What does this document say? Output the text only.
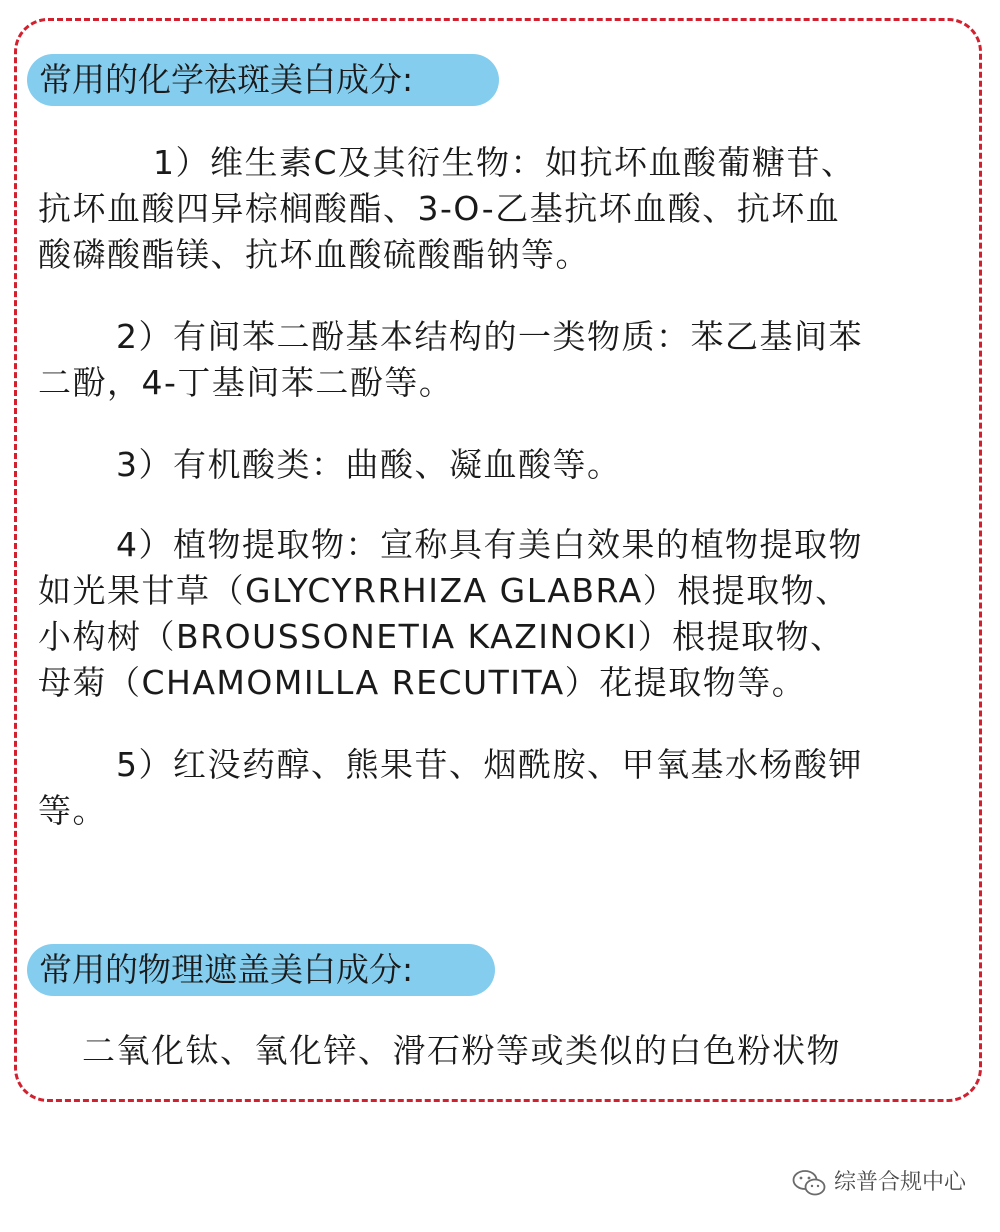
常用的化学祛斑美白成分:

1）维生素C及其衍生物：如抗坏血酸葡糖苷、
抗坏血酸四异棕榈酸酯、3-O-乙基抗坏血酸、抗坏血
酸磷酸酯镁、抗坏血酸硫酸酯钠等。

2）有间苯二酚基本结构的一类物质：苯乙基间苯
二酚，4-丁基间苯二酚等。

3）有机酸类：曲酸、凝血酸等。

4）植物提取物：宣称具有美白效果的植物提取物
如光果甘草（GLYCYRRHIZA GLABRA）根提取物、
小构树（BROUSSONETIA KAZINOKI）根提取物、
母菊（CHAMOMILLA RECUTITA）花提取物等。

5）红没药醇、熊果苷、烟酰胺、甲氧基水杨酸钾
等。

常用的物理遮盖美白成分:

二氧化钛、氧化锌、滑石粉等或类似的白色粉状物

综普合规中心
